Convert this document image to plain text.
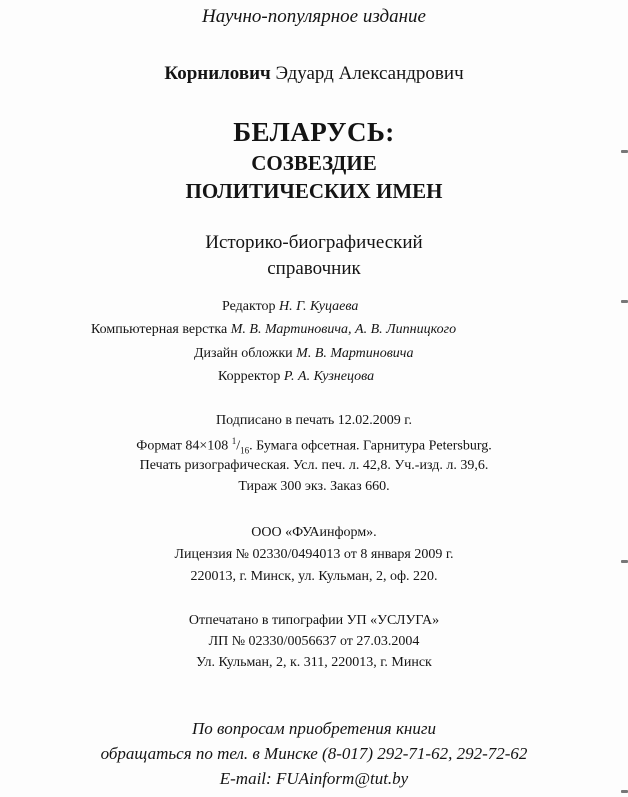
Научно-популярное издание
Корнилович Эдуард Александрович
БЕЛАРУСЬ:
СОЗВЕЗДИЕ
ПОЛИТИЧЕСКИХ ИМЕН
Историко-биографический
справочник
Редактор Н. Г. Куцаева
Компьютерная верстка М. В. Мартиновича, А. В. Липницкого
Дизайн обложки М. В. Мартиновича
Корректор Р. А. Кузнецова
Подписано в печать 12.02.2009 г.
Формат 84×108 $^1/_{16}$. Бумага офсетная. Гарнитура Petersburg.
Печать ризографическая. Усл. печ. л. 42,8. Уч.-изд. л. 39,6.
Тираж 300 экз. Заказ 660.
ООО «ФУАинформ».
Лицензия № 02330/0494013 от 8 января 2009 г.
220013, г. Минск, ул. Кульман, 2, оф. 220.
Отпечатано в типографии УП «УСЛУГА»
ЛП № 02330/0056637 от 27.03.2004
Ул. Кульман, 2, к. 311, 220013, г. Минск
По вопросам приобретения книги
обращаться по тел. в Минске (8-017) 292-71-62, 292-72-62
E-mail: FUAinform@tut.by
